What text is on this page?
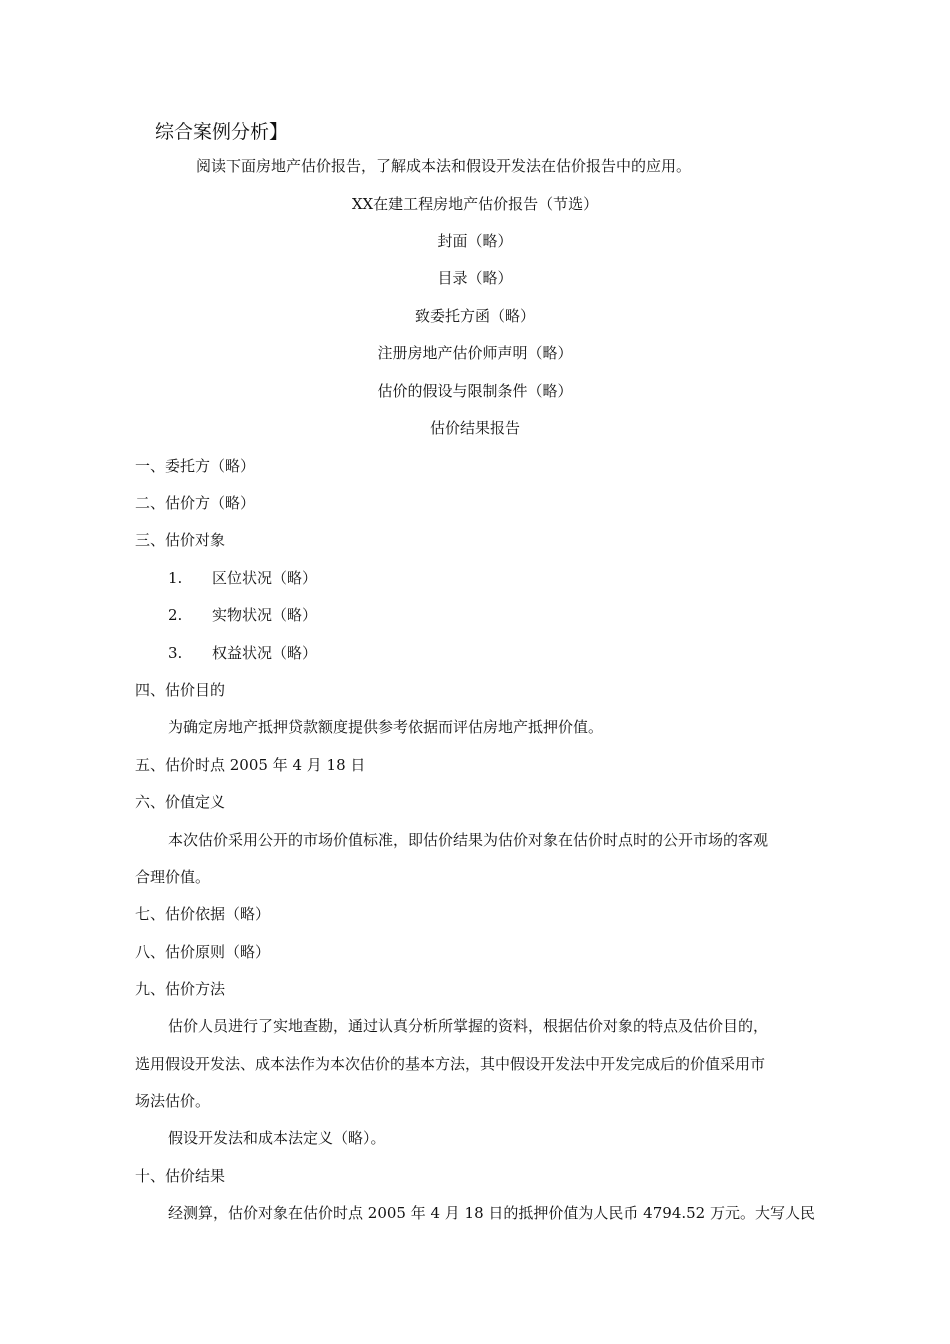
综合案例分析】
阅读下面房地产估价报告，了解成本法和假设开发法在估价报告中的应用。
XX在建工程房地产估价报告（节选）
封面（略）
目录（略）
致委托方函（略）
注册房地产估价师声明（略）
估价的假设与限制条件（略）
估价结果报告
一、委托方（略）
二、估价方（略）
三、估价对象
1. 区位状况（略）
2. 实物状况（略）
3. 权益状况（略）
四、估价目的
为确定房地产抵押贷款额度提供参考依据而评估房地产抵押价值。
五、估价时点 2005 年 4 月 18 日
六、价值定义
本次估价采用公开的市场价值标准，即估价结果为估价对象在估价时点时的公开市场的客观
合理价值。
七、估价依据（略）
八、估价原则（略）
九、估价方法
估价人员进行了实地查勘，通过认真分析所掌握的资料，根据估价对象的特点及估价目的，
选用假设开发法、成本法作为本次估价的基本方法，其中假设开发法中开发完成后的价值采用市
场法估价。
假设开发法和成本法定义（略）。
十、估价结果
经测算，估价对象在估价时点 2005 年 4 月 18 日的抵押价值为人民币 4794.52 万元。大写人民
